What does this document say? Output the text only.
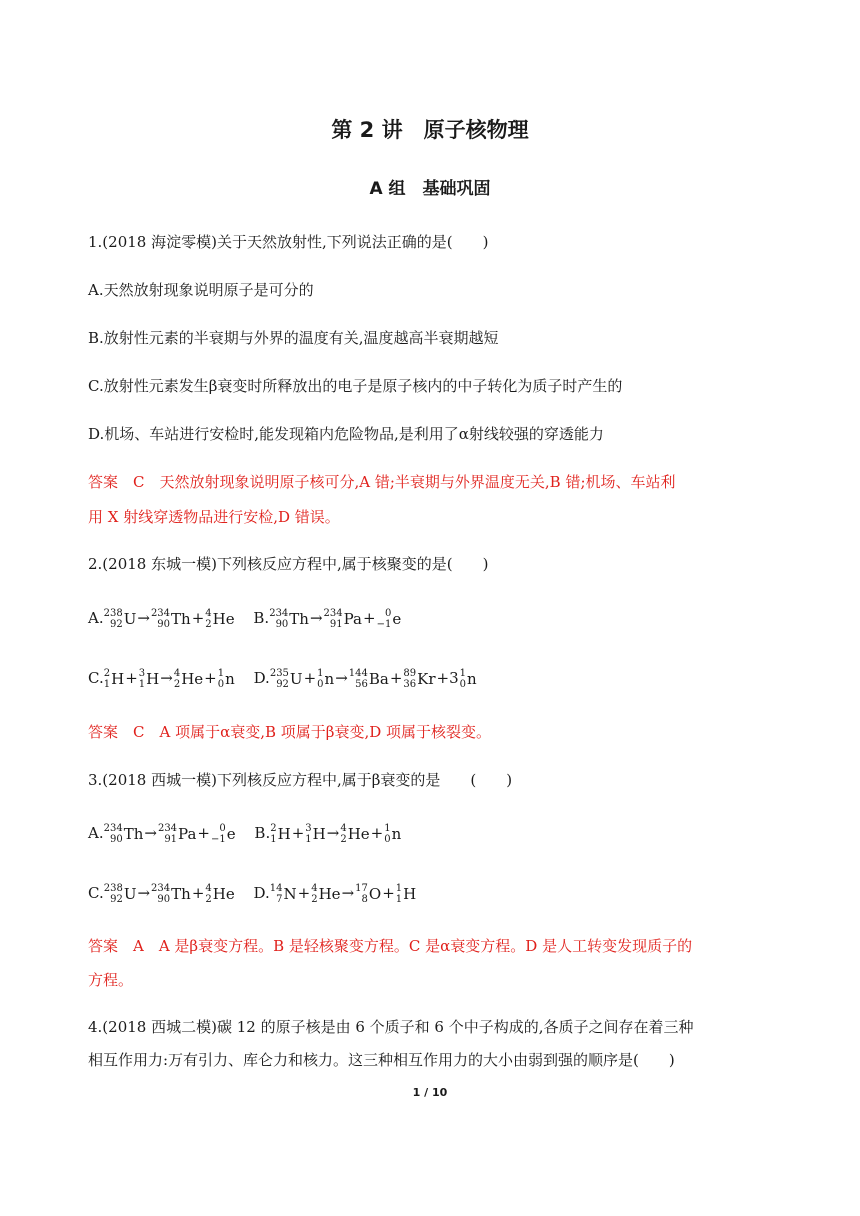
第 2 讲　原子核物理
A 组　基础巩固
1.(2018 海淀零模)关于天然放射性,下列说法正确的是(　　)
A.天然放射现象说明原子是可分的
B.放射性元素的半衰期与外界的温度有关,温度越高半衰期越短
C.放射性元素发生β衰变时所释放出的电子是原子核内的中子转化为质子时产生的
D.机场、车站进行安检时,能发现箱内危险物品,是利用了α射线较强的穿透能力
答案　C　天然放射现象说明原子核可分,A 错;半衰期与外界温度无关,B 错;机场、车站利
用 X 射线穿透物品进行安检,D 错误。
2.(2018 东城一模)下列核反应方程中,属于核聚变的是(　　)
A. 238
92 U→ 234
90 Th+ 4
2 He B. 234
90 Th→ 234
91 Pa+ 0
−1 e
C. 2
1 H+ 3
1 H→ 4
2 He+ 1
0 n D. 235
92 U+ 1
0 n→ 144
56 Ba+ 89
36 Kr+3 1
0 n
答案　C　A 项属于α衰变,B 项属于β衰变,D 项属于核裂变。
3.(2018 西城一模)下列核反应方程中,属于β衰变的是　　(　　)
A. 234
90 Th→ 234
91 Pa+ 0
−1 e B. 2
1 H+ 3
1 H→ 4
2 He+ 1
0 n
C. 238
92 U→ 234
90 Th+ 4
2 He D. 14
7 N+ 4
2 He→ 17
8 O+ 1
1 H
答案　A　A 是β衰变方程。B 是轻核聚变方程。C 是α衰变方程。D 是人工转变发现质子的
方程。
4.(2018 西城二模)碳 12 的原子核是由 6 个质子和 6 个中子构成的,各质子之间存在着三种
相互作用力:万有引力、库仑力和核力。这三种相互作用力的大小由弱到强的顺序是(　　)
1 / 10
